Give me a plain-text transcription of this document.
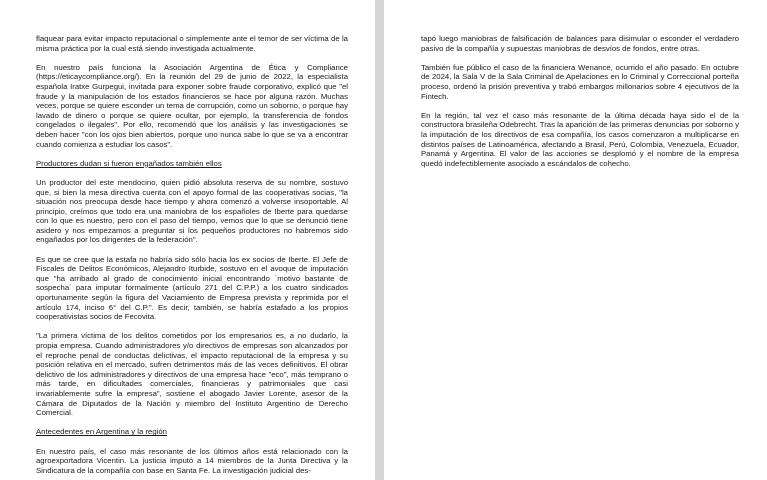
flaquear para evitar impacto reputacional o simplemente ante el temor de ser víctima de la misma práctica por la cual está siendo investigada actualmente.

En nuestro país funciona la Asociación Argentina de Ética y Compliance (https://eticaycompliance.org/). En la reunión del 29 de junio de 2022, la especialista española Iratxe Gurpegui, invitada para exponer sobre fraude corporativo, explicó que "el fraude y la manipulación de los estados financieros se hace por alguna razón. Muchas veces, porque se quiere esconder un tema de corrupción, como un soborno, o porque hay lavado de dinero o porque se quiere ocultar, por ejemplo, la transferencia de fondos congelados o ilegales". Por ello, recomendó que los análisis y las investigaciones se deben hacer "con los ojos bien abiertos, porque uno nunca sabe lo que se va a encontrar cuando comienza a estudiar los casos".

Productores dudan si fueron engañados también ellos

Un productor del este mendocino, quien pidió absoluta reserva de su nombre, sostuvo que, si bien la mesa directiva cuenta con el apoyo formal de las cooperativas socias, "la situación nos preocupa desde hace tiempo y ahora comenzó a volverse insoportable. Al principio, creímos que todo era una maniobra de los españoles de Iberte para quedarse con lo que es nuestro, pero con el paso del tiempo, vemos que lo que se denunció tiene asidero y nos empezamos a preguntar si los pequeños productores no habremos sido engañados por los dirigentes de la federación".

Es que se cree que la estafa no habría sido sólo hacia los ex socios de Iberte. El Jefe de Fiscales de Delitos Económicos, Alejandro Iturbide, sostuvo en el avoque de imputación que "ha arribado al grado de conocimiento inicial encontrando `motivo bastante de sospecha´ para imputar formalmente (artículo 271 del C.P.P.) a los cuatro sindicados oportunamente según la figura del Vaciamiento de Empresa prevista y reprimida por el artículo 174, inciso 6° del C.P.". Es decir, también, se habría estafado a los propios cooperativistas socios de Fecovita.

"La primera víctima de los delitos cometidos por los empresarios es, a no dudarlo, la propia empresa. Cuando administradores y/o directivos de empresas son alcanzados por el reproche penal de conductas delictivas, el impacto reputacional de la empresa y su posición relativa en el mercado, sufren detrimentos más de las veces definitivos. El obrar delictivo de los administradores y directivos de una empresa hace "eco", más temprano o más tarde, en dificultades comerciales, financieras y patrimoniales que casi invariablemente sufre la empresa", sostiene el abogado Javier Lorente, asesor de la Cámara de Diputados de la Nación y miembro del Instituto Argentino de Derecho Comercial.

Antecedentes en Argentina y la región

En nuestro país, el caso más resonante de los últimos años está relacionado con la agroexportadora Vicentin. La justicia imputó a 14 miembros de la Junta Directiva y la Sindicatura de la compañía con base en Santa Fe. La investigación judicial des-

tapó luego maniobras de falsificación de balances para disimular o esconder el verdadero pasivo de la compañía y supuestas maniobras de desvíos de fondos, entre otras.

También fue público el caso de la financiera Wenance, ocurrido el año pasado. En octubre de 2024, la Sala V de la Sala Criminal de Apelaciones en lo Criminal y Correccional porteña proceso, ordenó la prisión preventiva y trabó embargos millonarios sobre 4 ejecutivos de la Fintech.

En la región, tal vez el caso más resonante de la última década haya sido el de la constructora brasileña Odebrecht. Tras la aparición de las primeras denuncias por soborno y la imputación de los directivos de esa compañía, los casos comenzaron a multiplicarse en distintos países de Latinoamérica, afectando a Brasil, Perú, Colombia, Venezuela, Ecuador, Panamá y Argentina. El valor de las acciones se desplomó y el nombre de la empresa quedó indefectiblemente asociado a escándalos de cohecho.
